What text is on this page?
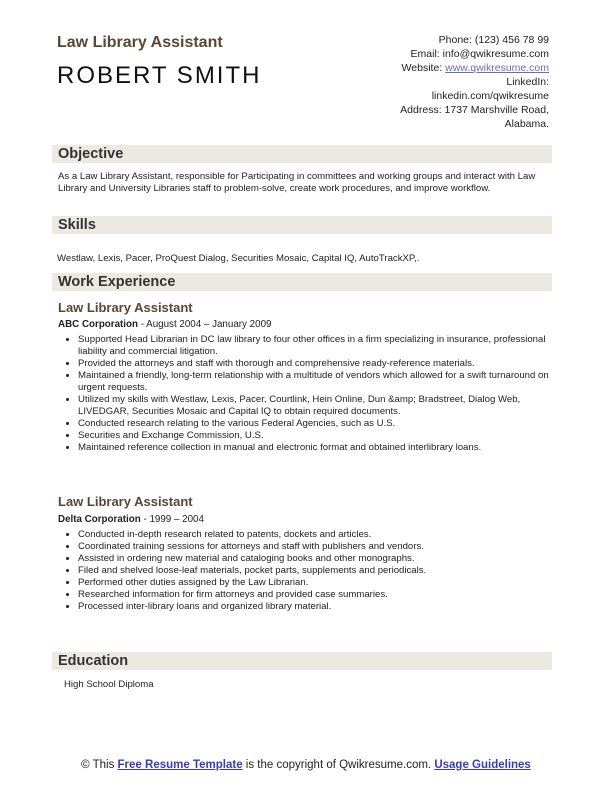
Law Library Assistant
ROBERT SMITH
Phone: (123) 456 78 99
Email: info@qwikresume.com
Website: www.qwikresume.com
LinkedIn:
linkedin.com/qwikresume
Address: 1737 Marshville Road,
Alabama.
Objective
As a Law Library Assistant, responsible for Participating in committees and working groups and interact with Law Library and University Libraries staff to problem-solve, create work procedures, and improve workflow.
Skills
Westlaw, Lexis, Pacer, ProQuest Dialog, Securities Mosaic, Capital IQ, AutoTrackXP,.
Work Experience
Law Library Assistant
ABC Corporation - August 2004 – January 2009
• Supported Head Librarian in DC law library to four other offices in a firm specializing in insurance, professional liability and commercial litigation.
• Provided the attorneys and staff with thorough and comprehensive ready-reference materials.
• Maintained a friendly, long-term relationship with a multitude of vendors which allowed for a swift turnaround on urgent requests.
• Utilized my skills with Westlaw, Lexis, Pacer, Courtlink, Hein Online, Dun &amp; Bradstreet, Dialog Web, LIVEDGAR, Securities Mosaic and Capital IQ to obtain required documents.
• Conducted research relating to the various Federal Agencies, such as U.S.
• Securities and Exchange Commission, U.S.
• Maintained reference collection in manual and electronic format and obtained interlibrary loans.
Law Library Assistant
Delta Corporation - 1999 – 2004
• Conducted in-depth research related to patents, dockets and articles.
• Coordinated training sessions for attorneys and staff with publishers and vendors.
• Assisted in ordering new material and cataloging books and other monographs.
• Filed and shelved loose-leaf materials, pocket parts, supplements and periodicals.
• Performed other duties assigned by the Law Librarian.
• Researched information for firm attorneys and provided case summaries.
• Processed inter-library loans and organized library material.
Education
High School Diploma
© This Free Resume Template is the copyright of Qwikresume.com. Usage Guidelines
